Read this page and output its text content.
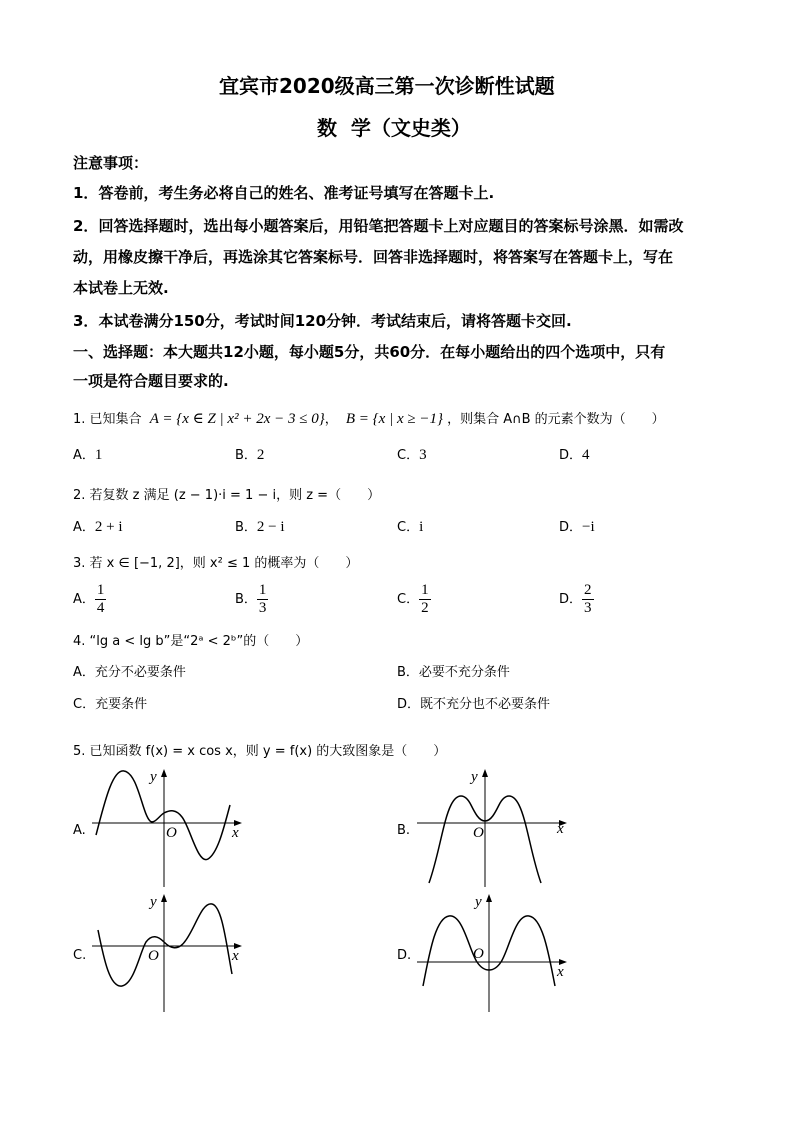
宜宾市2020级高三第一次诊断性试题
数  学（文史类）
注意事项：
1．答卷前，考生务必将自己的姓名、准考证号填写在答题卡上.
2．回答选择题时，选出每小题答案后，用铅笔把答题卡上对应题目的答案标号涂黑．如需改
动，用橡皮擦干净后，再选涂其它答案标号．回答非选择题时，将答案写在答题卡上，写在
本试卷上无效.
3．本试卷满分150分，考试时间120分钟．考试结束后，请将答题卡交回.
一、选择题：本大题共12小题，每小题5分，共60分．在每小题给出的四个选项中，只有
一项是符合题目要求的.
1. 已知集合 A = {x ∈ Z | x² + 2x − 3 ≤ 0}， B = {x | x ≥ −1} ，则集合 A∩B 的元素个数为（　　）
A．1	B．2	C．3	D．4
2. 若复数 z 满足 (z − 1)·i = 1 − i，则 z =（　　）
A．2 + i	B．2 − i	C．i	D．−i
3. 若 x ∈ [−1, 2]，则 x² ≤ 1 的概率为（　　）
A． $\frac{1}{4}$	B． $\frac{1}{3}$	C． $\frac{1}{2}$	D． $\frac{2}{3}$
4. “lg a < lg b”是“2ᵃ < 2ᵇ”的（　　）
A．充分不必要条件	B．必要不充分条件
C．充要条件	D．既不充分也不必要条件
5. 已知函数 f(x) = x cos x，则 y = f(x) 的大致图象是（　　）
A.
y
x
O	B.
y
x
O
C.
y
x
O	D.
y
x
O
